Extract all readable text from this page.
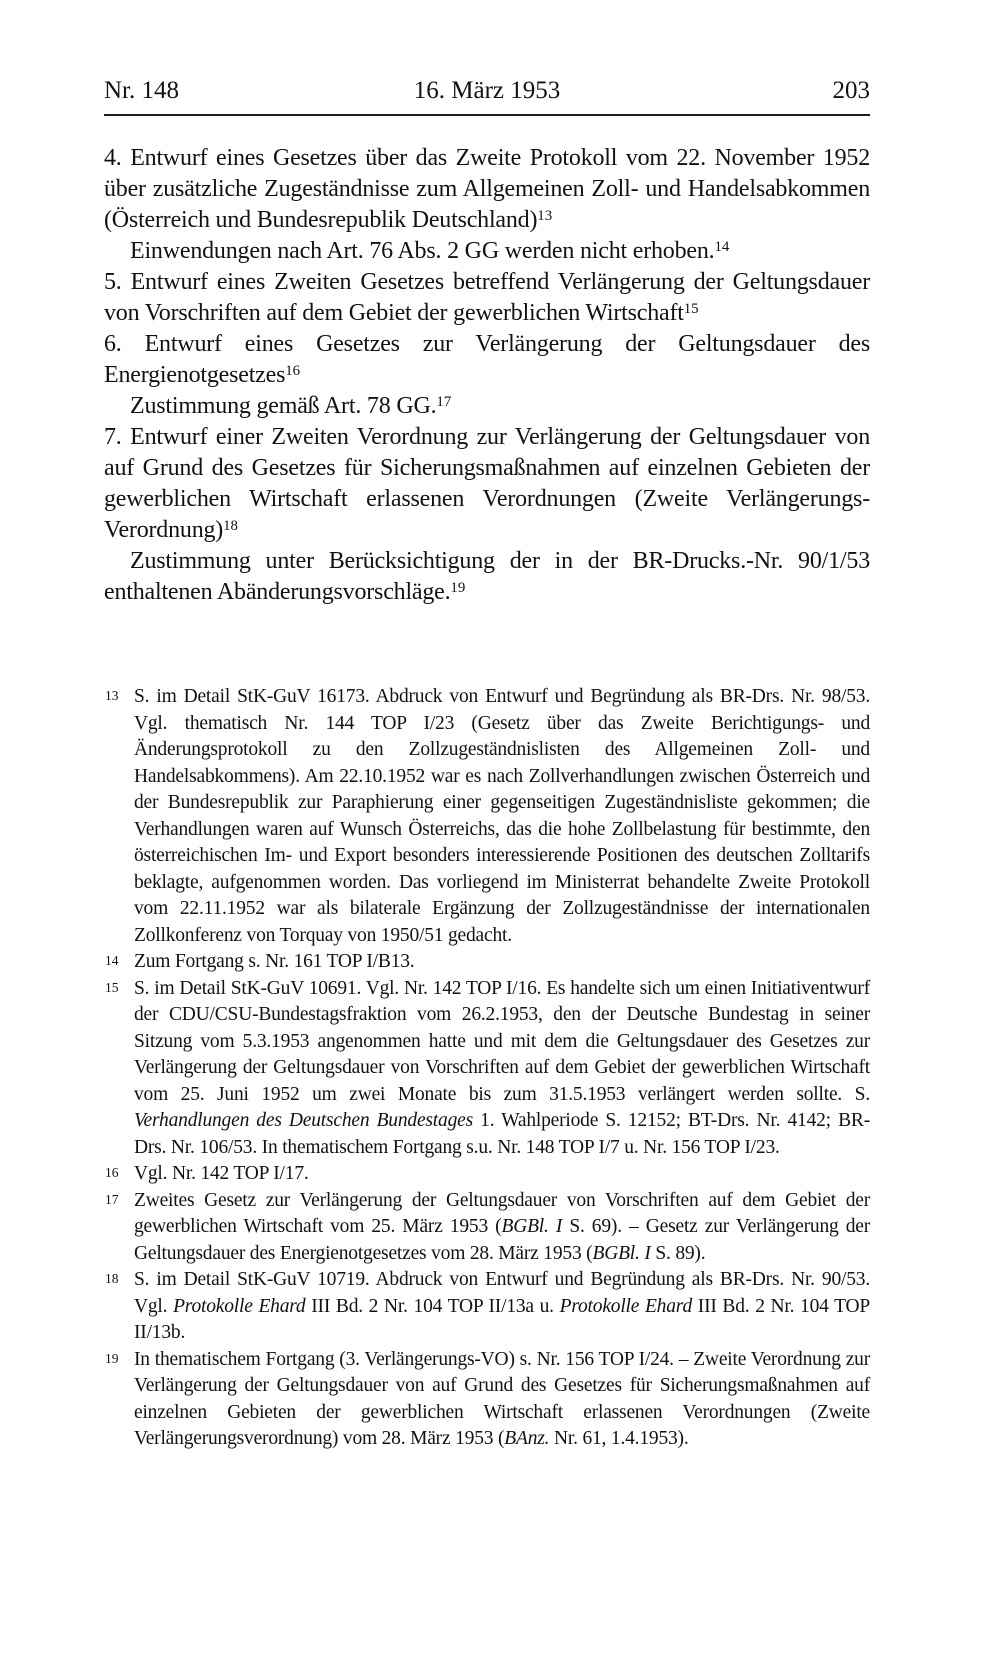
Nr. 148	16. März 1953	203

4. Entwurf eines Gesetzes über das Zweite Protokoll vom 22. November 1952 über zusätzliche Zugeständnisse zum Allgemeinen Zoll- und Handelsabkommen (Österreich und Bundesrepublik Deutschland)$^{13}$

Einwendungen nach Art. 76 Abs. 2 GG werden nicht erhoben.$^{14}$

5. Entwurf eines Zweiten Gesetzes betreffend Verlängerung der Geltungsdauer von Vorschriften auf dem Gebiet der gewerblichen Wirtschaft$^{15}$

6. Entwurf eines Gesetzes zur Verlängerung der Geltungsdauer des Energienotgesetzes$^{16}$

Zustimmung gemäß Art. 78 GG.$^{17}$

7. Entwurf einer Zweiten Verordnung zur Verlängerung der Geltungsdauer von auf Grund des Gesetzes für Sicherungsmaßnahmen auf einzelnen Gebieten der gewerblichen Wirtschaft erlassenen Verordnungen (Zweite Verlängerungs-Verordnung)$^{18}$

Zustimmung unter Berücksichtigung der in der BR-Drucks.-Nr. 90/1/53 enthaltenen Abänderungsvorschläge.$^{19}$

13 S. im Detail StK-GuV 16173. Abdruck von Entwurf und Begründung als BR-Drs. Nr. 98/53. Vgl. thematisch Nr. 144 TOP I/23 (Gesetz über das Zweite Berichtigungs- und Änderungsprotokoll zu den Zollzugeständnislisten des Allgemeinen Zoll- und Handelsabkommens). Am 22.10.1952 war es nach Zollverhandlungen zwischen Österreich und der Bundesrepublik zur Paraphierung einer gegenseitigen Zugeständnisliste gekommen; die Verhandlungen waren auf Wunsch Österreichs, das die hohe Zollbelastung für bestimmte, den österreichischen Im- und Export besonders interessierende Positionen des deutschen Zolltarifs beklagte, aufgenommen worden. Das vorliegend im Ministerrat behandelte Zweite Protokoll vom 22.11.1952 war als bilaterale Ergänzung der Zollzugeständnisse der internationalen Zollkonferenz von Torquay von 1950/51 gedacht.
14 Zum Fortgang s. Nr. 161 TOP I/B13.
15 S. im Detail StK-GuV 10691. Vgl. Nr. 142 TOP I/16. Es handelte sich um einen Initiativentwurf der CDU/CSU-Bundestagsfraktion vom 26.2.1953, den der Deutsche Bundestag in seiner Sitzung vom 5.3.1953 angenommen hatte und mit dem die Geltungsdauer des Gesetzes zur Verlängerung der Geltungsdauer von Vorschriften auf dem Gebiet der gewerblichen Wirtschaft vom 25. Juni 1952 um zwei Monate bis zum 31.5.1953 verlängert werden sollte. S. Verhandlungen des Deutschen Bundestages 1. Wahlperiode S. 12152; BT-Drs. Nr. 4142; BR-Drs. Nr. 106/53. In thematischem Fortgang s.u. Nr. 148 TOP I/7 u. Nr. 156 TOP I/23.
16 Vgl. Nr. 142 TOP I/17.
17 Zweites Gesetz zur Verlängerung der Geltungsdauer von Vorschriften auf dem Gebiet der gewerblichen Wirtschaft vom 25. März 1953 (BGBl. I S. 69). – Gesetz zur Verlängerung der Geltungsdauer des Energienotgesetzes vom 28. März 1953 (BGBl. I S. 89).
18 S. im Detail StK-GuV 10719. Abdruck von Entwurf und Begründung als BR-Drs. Nr. 90/53. Vgl. Protokolle Ehard III Bd. 2 Nr. 104 TOP II/13a u. Protokolle Ehard III Bd. 2 Nr. 104 TOP II/13b.
19 In thematischem Fortgang (3. Verlängerungs-VO) s. Nr. 156 TOP I/24. – Zweite Verordnung zur Verlängerung der Geltungsdauer von auf Grund des Gesetzes für Sicherungsmaßnahmen auf einzelnen Gebieten der gewerblichen Wirtschaft erlassenen Verordnungen (Zweite Verlängerungsverordnung) vom 28. März 1953 (BAnz. Nr. 61, 1.4.1953).
